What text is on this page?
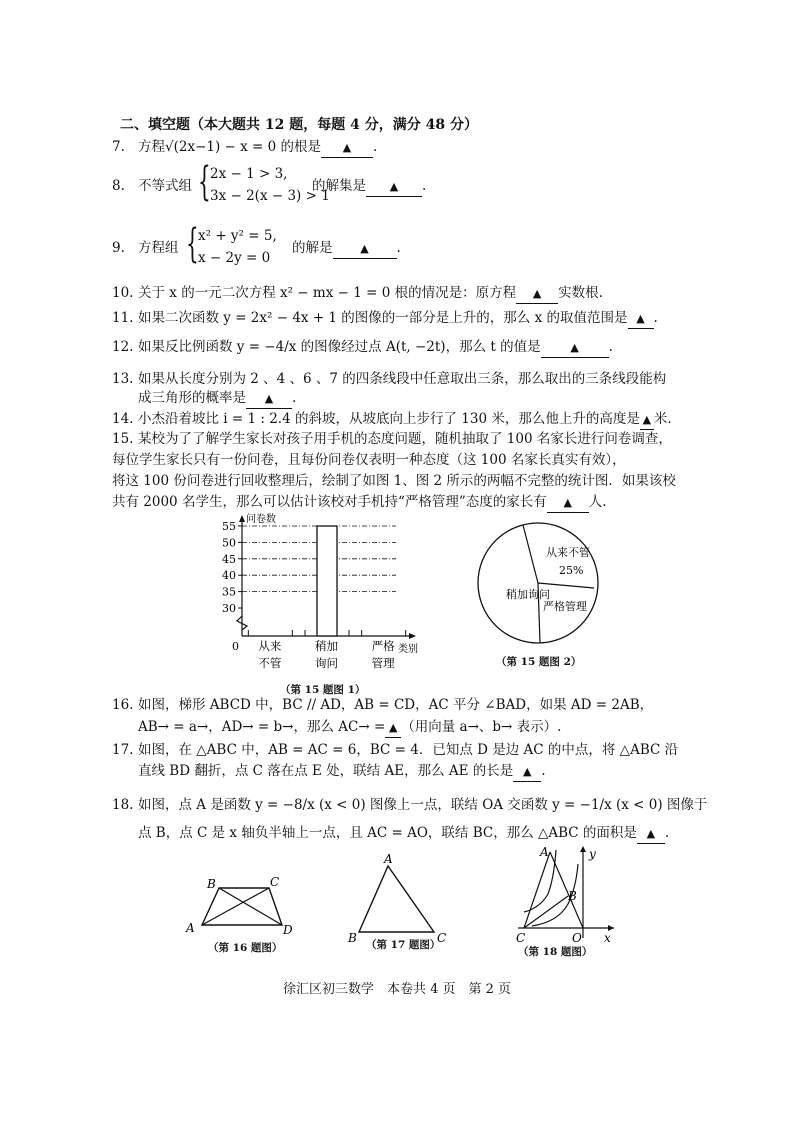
二、填空题（本大题共 12 题，每题 4 分，满分 48 分）
7. 方程√(2x−1) − x = 0 的根是 ▲ .
8. 不等式组 { 2x − 1 > 3,
3x − 2(x − 3) > 1
的解集是 ▲ .
9. 方程组 { x² + y² = 5,
x − 2y = 0
的解是	▲ .
10. 关于 x 的一元二次方程 x² − mx − 1 = 0 根的情况是：原方程 ▲ 实数根.
11. 如果二次函数 y = 2x² − 4x + 1 的图像的一部分是上升的，那么 x 的取值范围是 ▲ .
12. 如果反比例函数 y = −4/x 的图像经过点 A(t, −2t)，那么 t 的值是	▲ .
13. 如果从长度分别为 2 、4 、6 、7 的四条线段中任意取出三条，那么取出的三条线段能构
成三角形的概率是 ▲ .
14. 小杰沿着坡比 i = 1 : 2.4 的斜坡，从坡底向上步行了 130 米，那么他上升的高度是 ▲ 米.
15. 某校为了了解学生家长对孩子用手机的态度问题，随机抽取了 100 名家长进行问卷调查，
每位学生家长只有一份问卷，且每份问卷仅表明一种态度（这 100 名家长真实有效），
将这 100 份问卷进行回收整理后，绘制了如图 1、图 2 所示的两幅不完整的统计图．如果该校
共有 2000 名学生，那么可以估计该校对手机持“严格管理”态度的家长有 ▲ 人.
问卷数
类别
0
30
35
40
45
50
55
从来
不管
稍加
询问
严格
管理
（第 15 题图 1）
从来不管
25%
稍加询问
严格管理
（第 15 题图 2）
16. 如图，梯形 ABCD 中，BC // AD，AB = CD，AC 平分 ∠BAD，如果 AD = 2AB，
AB→ = a→，AD→ = b→，那么 AC→ = ▲ （用向量 a→、b→ 表示）.
17. 如图，在 △ABC 中，AB = AC = 6，BC = 4．已知点 D 是边 AC 的中点，将 △ABC 沿
直线 BD 翻折，点 C 落在点 E 处，联结 AE，那么 AE 的长是 ▲ .
18. 如图，点 A 是函数 y = −8/x (x < 0) 图像上一点，联结 OA 交函数 y = −1/x (x < 0) 图像于
点 B，点 C 是 x 轴负半轴上一点，且 AC = AO，联结 BC，那么 △ABC 的面积是 ▲ .
A
B	C
D
（第 16 题图）
A
B	C
（第 17 题图）
A
B
C	O x
y
（第 18 题图）
徐汇区初三数学　本卷共 4 页　第 2 页
